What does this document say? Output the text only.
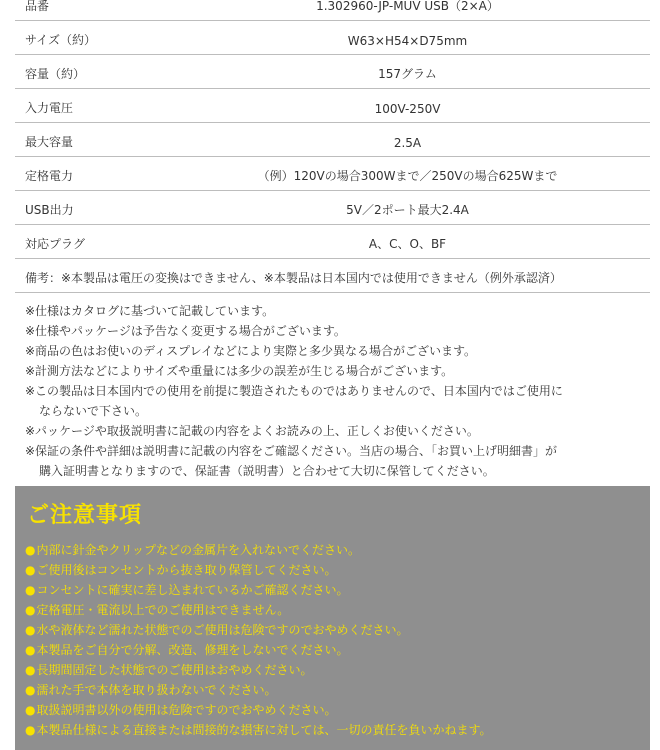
品番	1.302960-JP-MUV USB（2×A）
サイズ（約）	W63×H54×D75mm
容量（約）	157グラム
入力電圧	100V-250V
最大容量	2.5A
定格電力	（例）120Vの場合300Wまで／250Vの場合625Wまで
USB出力	5V／2ポート最大2.4A
対応プラグ	A、C、O、BF
備考：※本製品は電圧の変換はできません、※本製品は日本国内では使用できません（例外承認済）
※仕様はカタログに基づいて記載しています。
※仕様やパッケージは予告なく変更する場合がございます。
※商品の色はお使いのディスプレイなどにより実際と多少異なる場合がございます。
※計測方法などによりサイズや重量には多少の誤差が生じる場合がございます。
※この製品は日本国内での使用を前提に製造されたものではありませんので、日本国内ではご使用に
ならないで下さい。
※パッケージや取扱説明書に記載の内容をよくお読みの上、正しくお使いください。
※保証の条件や詳細は説明書に記載の内容をご確認ください。当店の場合、「お買い上げ明細書」が
購入証明書となりますので、保証書（説明書）と合わせて大切に保管してください。
ご注意事項
●内部に針金やクリップなどの金属片を入れないでください。
●ご使用後はコンセントから抜き取り保管してください。
●コンセントに確実に差し込まれているかご確認ください。
●定格電圧・電流以上でのご使用はできません。
●水や液体など濡れた状態でのご使用は危険ですのでおやめください。
●本製品をご自分で分解、改造、修理をしないでください。
●長期間固定した状態でのご使用はおやめください。
●濡れた手で本体を取り扱わないでください。
●取扱説明書以外の使用は危険ですのでおやめください。
●本製品仕様による直接または間接的な損害に対しては、一切の責任を負いかねます。
